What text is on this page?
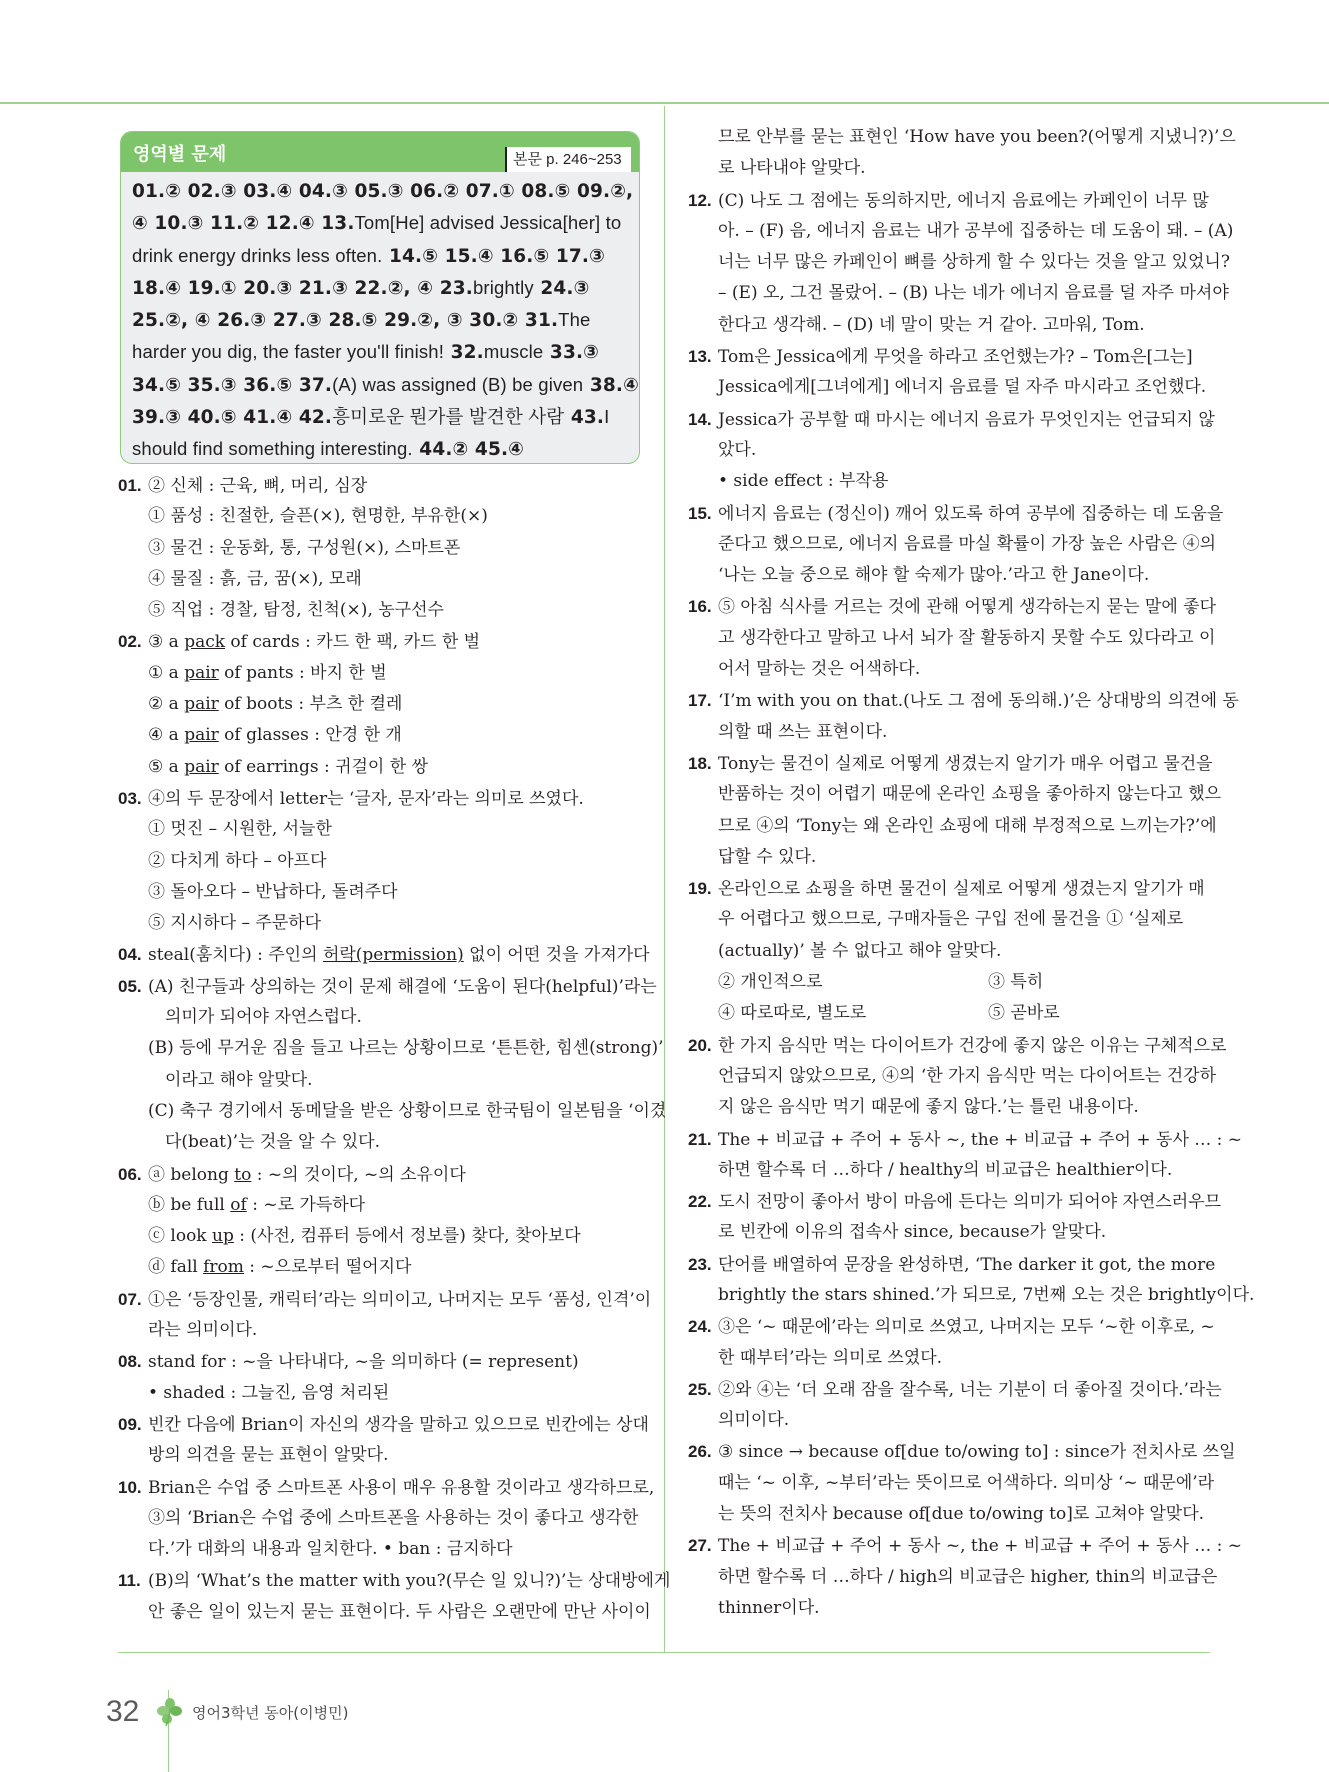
영역별 문제	본문 p. 246~253
01.② 02.③ 03.④ 04.③ 05.③ 06.② 07.① 08.⑤ 09.②,
④ 10.③ 11.② 12.④ 13.Tom[He] advised Jessica[her] to
drink energy drinks less often. 14.⑤ 15.④ 16.⑤ 17.③
18.④ 19.① 20.③ 21.③ 22.②, ④ 23.brightly 24.③
25.②, ④ 26.③ 27.③ 28.⑤ 29.②, ③ 30.② 31.The
harder you dig, the faster you'll finish! 32.muscle 33.③
34.⑤ 35.③ 36.⑤ 37.(A) was assigned (B) be given 38.④
39.③ 40.⑤ 41.④ 42.흥미로운 뭔가를 발견한 사람 43.I
should find something interesting. 44.② 45.④
01. ② 신체 : 근육, 뼈, 머리, 심장
① 품성 : 친절한, 슬픈(×), 현명한, 부유한(×)
③ 물건 : 운동화, 통, 구성원(×), 스마트폰
④ 물질 : 흙, 금, 꿈(×), 모래
⑤ 직업 : 경찰, 탐정, 친척(×), 농구선수
02. ③ a pack of cards : 카드 한 팩, 카드 한 벌
① a pair of pants : 바지 한 벌
② a pair of boots : 부츠 한 켤레
④ a pair of glasses : 안경 한 개
⑤ a pair of earrings : 귀걸이 한 쌍
03. ④의 두 문장에서 letter는 ‘글자, 문자’라는 의미로 쓰였다.
① 멋진 – 시원한, 서늘한
② 다치게 하다 – 아프다
③ 돌아오다 – 반납하다, 돌려주다
⑤ 지시하다 – 주문하다
04. steal(훔치다) : 주인의 허락(permission) 없이 어떤 것을 가져가다
05. (A) 친구들과 상의하는 것이 문제 해결에 ‘도움이 된다(helpful)’라는
의미가 되어야 자연스럽다.
(B) 등에 무거운 짐을 들고 나르는 상황이므로 ‘튼튼한, 힘센(strong)’
이라고 해야 알맞다.
(C) 축구 경기에서 동메달을 받은 상황이므로 한국팀이 일본팀을 ‘이겼
다(beat)’는 것을 알 수 있다.
06. ⓐ belong to : ~의 것이다, ~의 소유이다
ⓑ be full of : ~로 가득하다
ⓒ look up : (사전, 컴퓨터 등에서 정보를) 찾다, 찾아보다
ⓓ fall from : ~으로부터 떨어지다
07. ①은 ‘등장인물, 캐릭터’라는 의미이고, 나머지는 모두 ‘품성, 인격’이
라는 의미이다.
08. stand for : ~을 나타내다, ~을 의미하다 (= represent)
• shaded : 그늘진, 음영 처리된
09. 빈칸 다음에 Brian이 자신의 생각을 말하고 있으므로 빈칸에는 상대
방의 의견을 묻는 표현이 알맞다.
10. Brian은 수업 중 스마트폰 사용이 매우 유용할 것이라고 생각하므로,
③의 ‘Brian은 수업 중에 스마트폰을 사용하는 것이 좋다고 생각한
다.’가 대화의 내용과 일치한다. • ban : 금지하다
11. (B)의 ‘What’s the matter with you?(무슨 일 있니?)’는 상대방에게
안 좋은 일이 있는지 묻는 표현이다. 두 사람은 오랜만에 만난 사이이
므로 안부를 묻는 표현인 ‘How have you been?(어떻게 지냈니?)’으
로 나타내야 알맞다.
12. (C) 나도 그 점에는 동의하지만, 에너지 음료에는 카페인이 너무 많
아. – (F) 음, 에너지 음료는 내가 공부에 집중하는 데 도움이 돼. – (A)
너는 너무 많은 카페인이 뼈를 상하게 할 수 있다는 것을 알고 있었니?
– (E) 오, 그건 몰랐어. – (B) 나는 네가 에너지 음료를 덜 자주 마셔야
한다고 생각해. – (D) 네 말이 맞는 거 같아. 고마워, Tom.
13. Tom은 Jessica에게 무엇을 하라고 조언했는가? – Tom은[그는]
Jessica에게[그녀에게] 에너지 음료를 덜 자주 마시라고 조언했다.
14. Jessica가 공부할 때 마시는 에너지 음료가 무엇인지는 언급되지 않
았다.
• side effect : 부작용
15. 에너지 음료는 (정신이) 깨어 있도록 하여 공부에 집중하는 데 도움을
준다고 했으므로, 에너지 음료를 마실 확률이 가장 높은 사람은 ④의
‘나는 오늘 중으로 해야 할 숙제가 많아.’라고 한 Jane이다.
16. ⑤ 아침 식사를 거르는 것에 관해 어떻게 생각하는지 묻는 말에 좋다
고 생각한다고 말하고 나서 뇌가 잘 활동하지 못할 수도 있다라고 이
어서 말하는 것은 어색하다.
17. ‘I’m with you on that.(나도 그 점에 동의해.)’은 상대방의 의견에 동
의할 때 쓰는 표현이다.
18. Tony는 물건이 실제로 어떻게 생겼는지 알기가 매우 어렵고 물건을
반품하는 것이 어렵기 때문에 온라인 쇼핑을 좋아하지 않는다고 했으
므로 ④의 ‘Tony는 왜 온라인 쇼핑에 대해 부정적으로 느끼는가?’에
답할 수 있다.
19. 온라인으로 쇼핑을 하면 물건이 실제로 어떻게 생겼는지 알기가 매
우 어렵다고 했으므로, 구매자들은 구입 전에 물건을 ① ‘실제로
(actually)’ 볼 수 없다고 해야 알맞다.
② 개인적으로	③ 특히
④ 따로따로, 별도로	⑤ 곧바로
20. 한 가지 음식만 먹는 다이어트가 건강에 좋지 않은 이유는 구체적으로
언급되지 않았으므로, ④의 ‘한 가지 음식만 먹는 다이어트는 건강하
지 않은 음식만 먹기 때문에 좋지 않다.’는 틀린 내용이다.
21. The + 비교급 + 주어 + 동사 ~, the + 비교급 + 주어 + 동사 … : ~
하면 할수록 더 …하다 / healthy의 비교급은 healthier이다.
22. 도시 전망이 좋아서 방이 마음에 든다는 의미가 되어야 자연스러우므
로 빈칸에 이유의 접속사 since, because가 알맞다.
23. 단어를 배열하여 문장을 완성하면, ‘The darker it got, the more
brightly the stars shined.’가 되므로, 7번째 오는 것은 brightly이다.
24. ③은 ‘~ 때문에’라는 의미로 쓰였고, 나머지는 모두 ‘~한 이후로, ~
한 때부터’라는 의미로 쓰였다.
25. ②와 ④는 ‘더 오래 잠을 잘수록, 너는 기분이 더 좋아질 것이다.’라는
의미이다.
26. ③ since → because of[due to/owing to] : since가 전치사로 쓰일
때는 ‘~ 이후, ~부터’라는 뜻이므로 어색하다. 의미상 ‘~ 때문에’라
는 뜻의 전치사 because of[due to/owing to]로 고쳐야 알맞다.
27. The + 비교급 + 주어 + 동사 ~, the + 비교급 + 주어 + 동사 … : ~
하면 할수록 더 …하다 / high의 비교급은 higher, thin의 비교급은
thinner이다.
32	영어3학년 동아(이병민)
